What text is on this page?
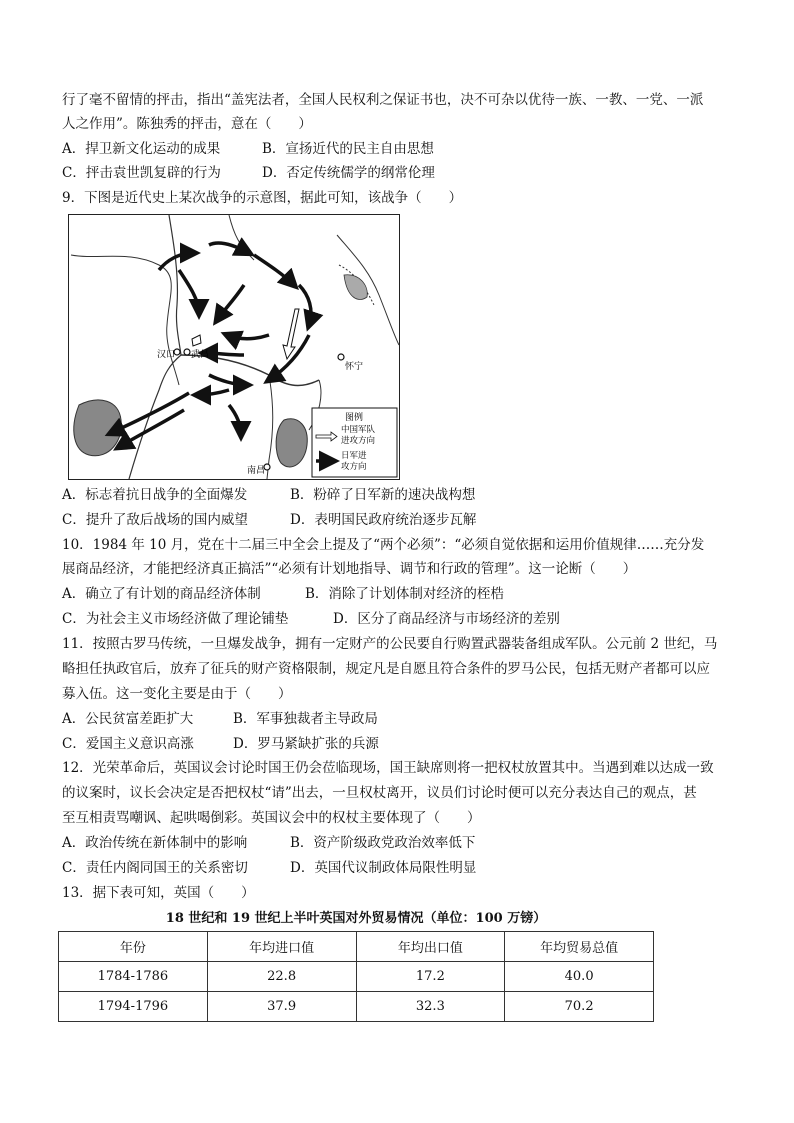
行了毫不留情的抨击，指出“盖宪法者，全国人民权利之保证书也，决不可杂以优待一族、一教、一党、一派
人之作用”。陈独秀的抨击，意在（　　）
A．捍卫新文化运动的成果	B．宣扬近代的民主自由思想
C．抨击袁世凯复辟的行为	D．否定传统儒学的纲常伦理
9．下图是近代史上某次战争的示意图，据此可知，该战争（　　）
汉口 武昌
怀宁
南昌
图例
中国军队
进攻方向
日军进
攻方向
A．标志着抗日战争的全面爆发	B．粉碎了日军新的速决战构想
C．提升了敌后战场的国内威望	D．表明国民政府统治逐步瓦解
10．1984 年 10 月，党在十二届三中全会上提及了“两个必须”：“必须自觉依据和运用价值规律……充分发
展商品经济，才能把经济真正搞活”“必须有计划地指导、调节和行政的管理”。这一论断（　　）
A．确立了有计划的商品经济体制	B．消除了计划体制对经济的桎梏
C．为社会主义市场经济做了理论铺垫	D．区分了商品经济与市场经济的差别
11．按照古罗马传统，一旦爆发战争，拥有一定财产的公民要自行购置武器装备组成军队。公元前 2 世纪，马
略担任执政官后，放弃了征兵的财产资格限制，规定凡是自愿且符合条件的罗马公民，包括无财产者都可以应
募入伍。这一变化主要是由于（　　）
A．公民贫富差距扩大	B．军事独裁者主导政局
C．爱国主义意识高涨	D．罗马紧缺扩张的兵源
12．光荣革命后，英国议会讨论时国王仍会莅临现场，国王缺席则将一把权杖放置其中。当遇到难以达成一致
的议案时，议长会决定是否把权杖“请”出去，一旦权杖离开，议员们讨论时便可以充分表达自己的观点，甚
至互相责骂嘲讽、起哄喝倒彩。英国议会中的权杖主要体现了（　　）
A．政治传统在新体制中的影响	B．资产阶级政党政治效率低下
C．责任内阁同国王的关系密切	D．英国代议制政体局限性明显
13．据下表可知，英国（　　）
18 世纪和 19 世纪上半叶英国对外贸易情况（单位：100 万镑）
年份	年均进口值	年均出口值	年均贸易总值
1784-1786	22.8	17.2	40.0
1794-1796	37.9	32.3	70.2
